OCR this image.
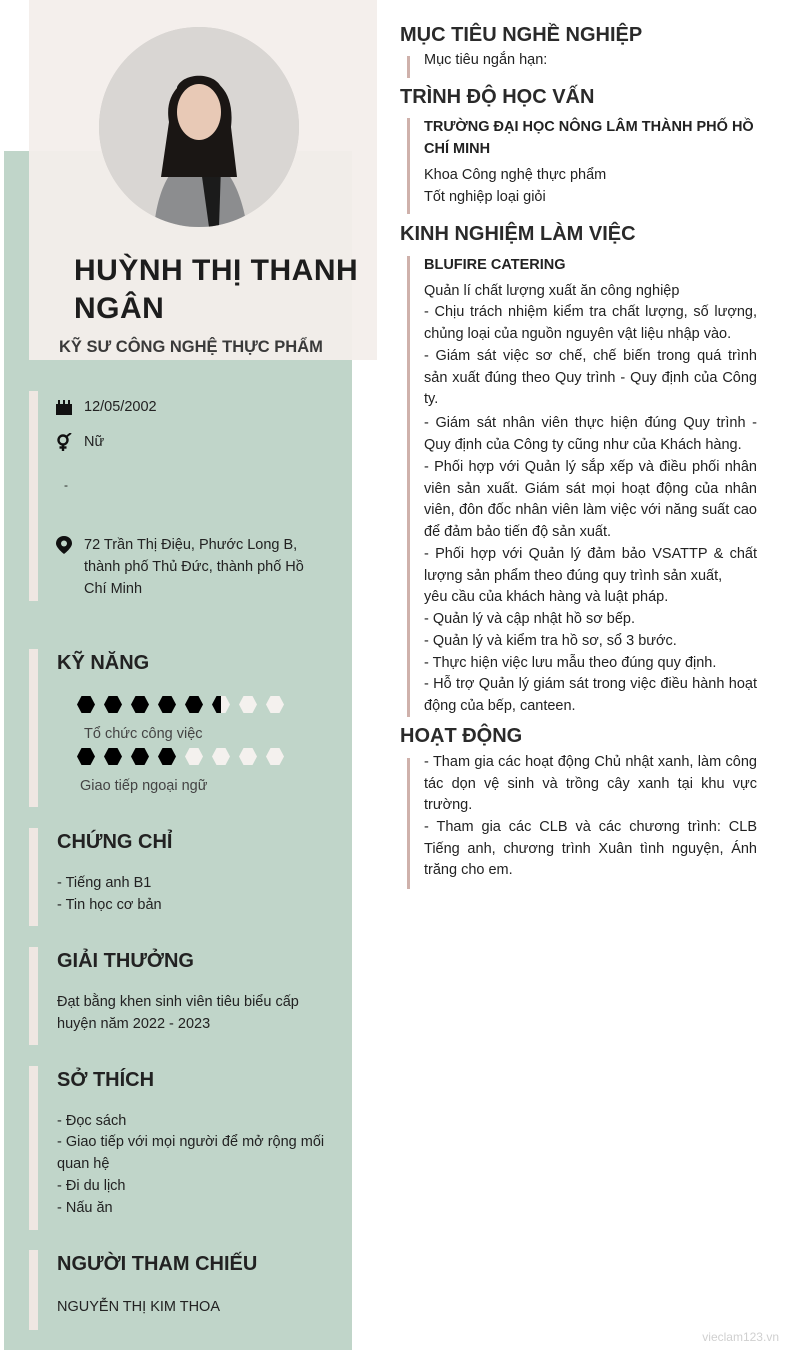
HUỲNH THỊ THANH NGÂN
KỸ SƯ CÔNG NGHỆ THỰC PHẨM
12/05/2002
Nữ
-
72 Trần Thị Điệu, Phước Long B, thành phố Thủ Đức, thành phố Hồ Chí Minh
KỸ NĂNG
Tổ chức công việc
Giao tiếp ngoại ngữ
CHỨNG CHỈ
- Tiếng anh B1
- Tin học cơ bản
GIẢI THƯỞNG
Đạt bằng khen sinh viên tiêu biểu cấp huyện năm 2022 - 2023
SỞ THÍCH
- Đọc sách
- Giao tiếp với mọi người để mở rộng mối quan hệ
- Đi du lịch
- Nấu ăn
NGƯỜI THAM CHIẾU
NGUYỄN THỊ KIM THOA
MỤC TIÊU NGHỀ NGHIỆP
Mục tiêu ngắn hạn:
TRÌNH ĐỘ HỌC VẤN
TRƯỜNG ĐẠI HỌC NÔNG LÂM THÀNH PHỐ HỒ CHÍ MINH
Khoa Công nghệ thực phẩm
Tốt nghiệp loại giỏi
KINH NGHIỆM LÀM VIỆC
BLUFIRE CATERING
Quản lí chất lượng xuất ăn công nghiệp
- Chịu trách nhiệm kiểm tra chất lượng, số lượng, chủng loại của nguồn nguyên vật liệu nhập vào.
- Giám sát việc sơ chế, chế biến trong quá trình sản xuất đúng theo Quy trình - Quy định của Công ty.
- Giám sát nhân viên thực hiện đúng Quy trình - Quy định của Công ty cũng như của Khách hàng.
- Phối hợp với Quản lý sắp xếp và điều phối nhân viên sản xuất. Giám sát mọi hoạt động của nhân viên, đôn đốc nhân viên làm việc với năng suất cao để đảm bảo tiến độ sản xuất.
- Phối hợp với Quản lý đảm bảo VSATTP & chất lượng sản phẩm theo đúng quy trình sản xuất,
yêu cầu của khách hàng và luật pháp.
- Quản lý và cập nhật hồ sơ bếp.
- Quản lý và kiểm tra hồ sơ, sổ 3 bước.
- Thực hiện việc lưu mẫu theo đúng quy định.
- Hỗ trợ Quản lý giám sát trong việc điều hành hoạt động của bếp, canteen.
HOẠT ĐỘNG
- Tham gia các hoạt động Chủ nhật xanh, làm công tác dọn vệ sinh và trồng cây xanh tại khu vực trường.
- Tham gia các CLB và các chương trình: CLB Tiếng anh, chương trình Xuân tình nguyện, Ánh trăng cho em.
vieclam123.vn
